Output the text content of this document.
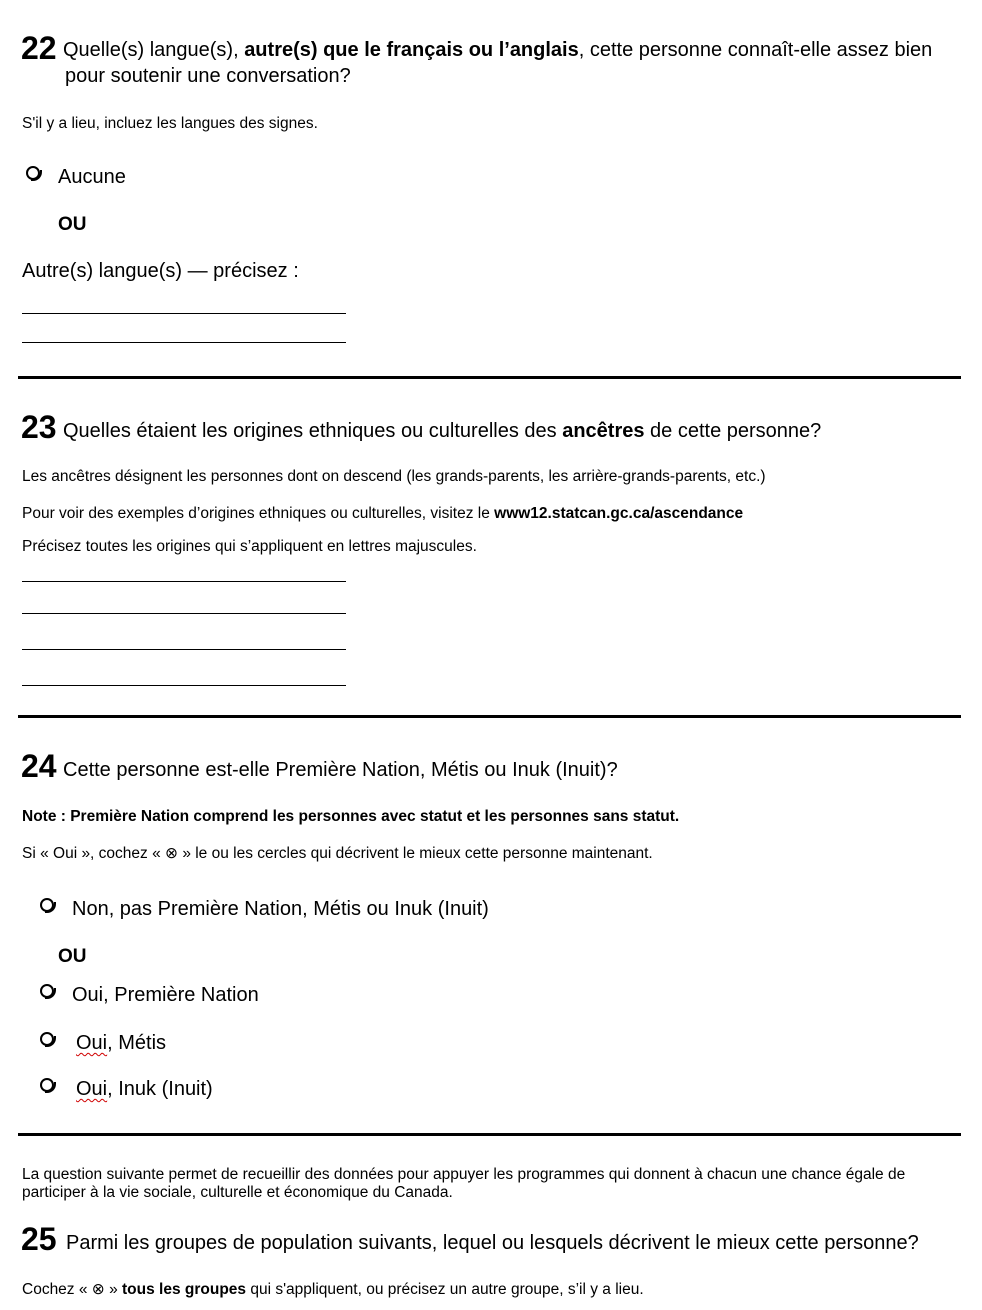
22 Quelle(s) langue(s), autre(s) que le français ou l’anglais, cette personne connaît-elle assez bien
pour soutenir une conversation?
S'il y a lieu, incluez les langues des signes.
Aucune
OU
Autre(s) langue(s) — précisez :
23 Quelles étaient les origines ethniques ou culturelles des ancêtres de cette personne?
Les ancêtres désignent les personnes dont on descend (les grands-parents, les arrière-grands-parents, etc.)
Pour voir des exemples d’origines ethniques ou culturelles, visitez le www12.statcan.gc.ca/ascendance
Précisez toutes les origines qui s’appliquent en lettres majuscules.
24 Cette personne est-elle Première Nation, Métis ou Inuk (Inuit)?
Note : Première Nation comprend les personnes avec statut et les personnes sans statut.
Si « Oui », cochez « ⊗ » le ou les cercles qui décrivent le mieux cette personne maintenant.
Non, pas Première Nation, Métis ou Inuk (Inuit)
OU
Oui, Première Nation
Oui, Métis
Oui, Inuk (Inuit)
La question suivante permet de recueillir des données pour appuyer les programmes qui donnent à chacun une chance égale de
participer à la vie sociale, culturelle et économique du Canada.
25 Parmi les groupes de population suivants, lequel ou lesquels décrivent le mieux cette personne?
Cochez « ⊗ » tous les groupes qui s'appliquent, ou précisez un autre groupe, s’il y a lieu.
